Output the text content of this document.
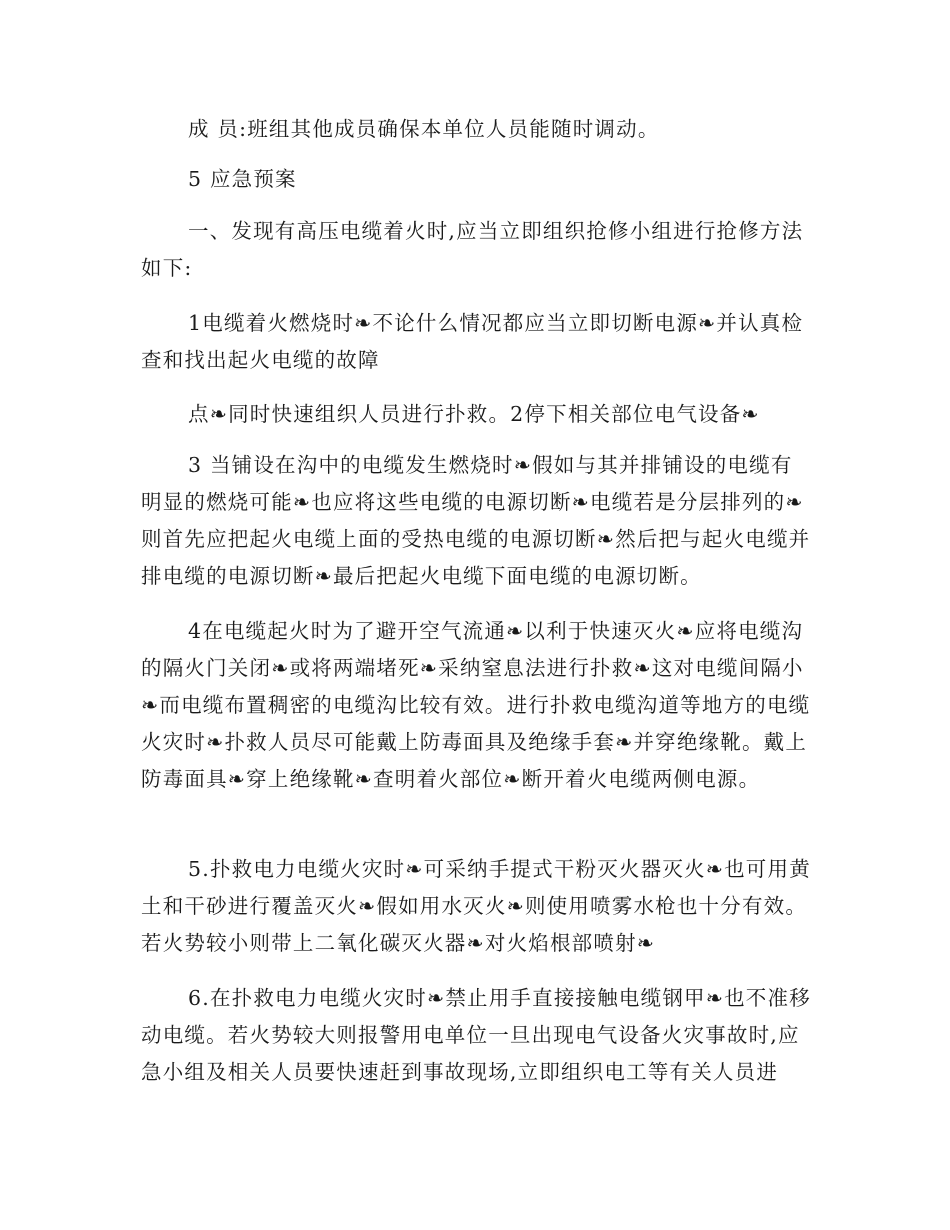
成 员:班组其他成员确保本单位人员能随时调动。

5 应急预案

一、发现有高压电缆着火时,应当立即组织抢修小组进行抢修方法如下:

1电缆着火燃烧时❧不论什么情况都应当立即切断电源❧并认真检查和找出起火电缆的故障

点❧同时快速组织人员进行扑救。2停下相关部位电气设备❧

3 当铺设在沟中的电缆发生燃烧时❧假如与其并排铺设的电缆有明显的燃烧可能❧也应将这些电缆的电源切断❧电缆若是分层排列的❧则首先应把起火电缆上面的受热电缆的电源切断❧然后把与起火电缆并排电缆的电源切断❧最后把起火电缆下面电缆的电源切断。

4在电缆起火时为了避开空气流通❧以利于快速灭火❧应将电缆沟的隔火门关闭❧或将两端堵死❧采纳窒息法进行扑救❧这对电缆间隔小❧而电缆布置稠密的电缆沟比较有效。进行扑救电缆沟道等地方的电缆火灾时❧扑救人员尽可能戴上防毒面具及绝缘手套❧并穿绝缘靴。戴上防毒面具❧穿上绝缘靴❧查明着火部位❧断开着火电缆两侧电源。

5.扑救电力电缆火灾时❧可采纳手提式干粉灭火器灭火❧也可用黄土和干砂进行覆盖灭火❧假如用水灭火❧则使用喷雾水枪也十分有效。若火势较小则带上二氧化碳灭火器❧对火焰根部喷射❧

6.在扑救电力电缆火灾时❧禁止用手直接接触电缆钢甲❧也不准移动电缆。若火势较大则报警用电单位一旦出现电气设备火灾事故时,应急小组及相关人员要快速赶到事故现场,立即组织电工等有关人员进
